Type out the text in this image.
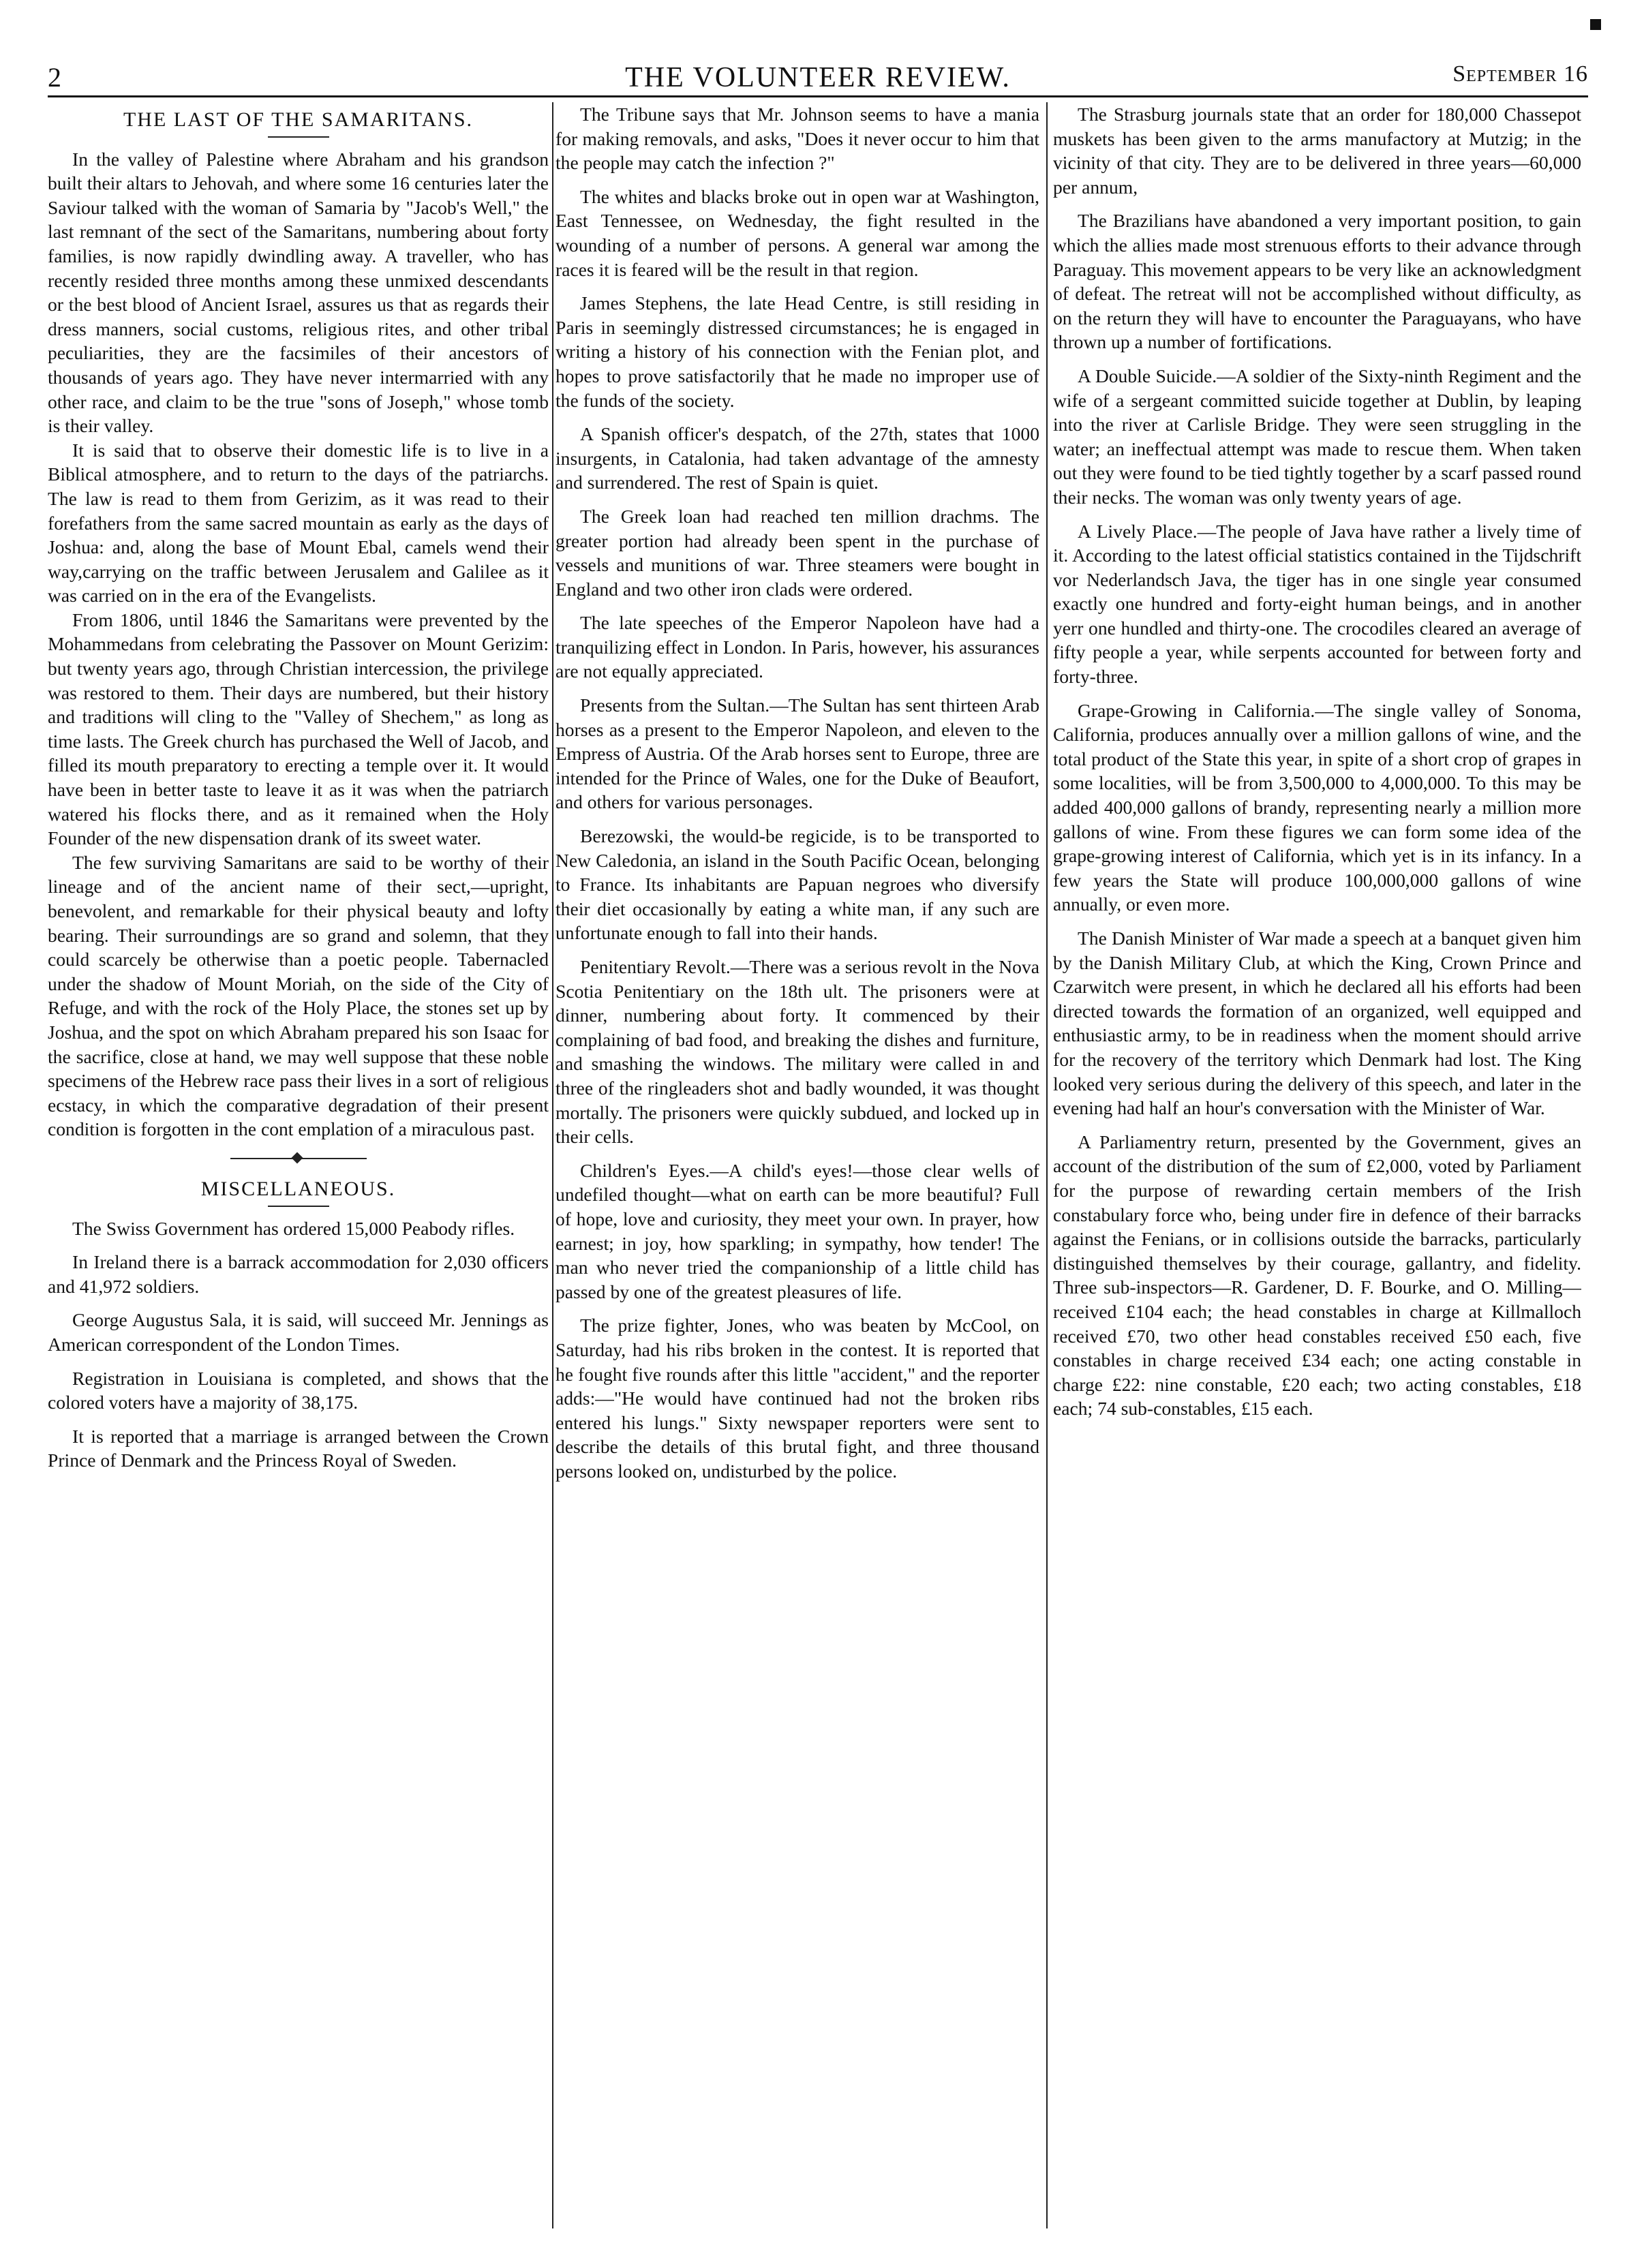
2	THE VOLUNTEER REVIEW.	September 16
THE LAST OF THE SAMARITANS.

In the valley of Palestine where Abraham and his grandson built their altars to Jehovah, and where some 16 centuries later the Saviour talked with the woman of Samaria by "Jacob's Well," the last remnant of the sect of the Samaritans, numbering about forty families, is now rapidly dwindling away. A traveller, who has recently resided three months among these unmixed descendants or the best blood of Ancient Israel, assures us that as regards their dress manners, social customs, religious rites, and other tribal peculiarities, they are the facsimiles of their ancestors of thousands of years ago. They have never intermarried with any other race, and claim to be the true "sons of Joseph," whose tomb is their valley.

It is said that to observe their domestic life is to live in a Biblical atmosphere, and to return to the days of the patriarchs. The law is read to them from Gerizim, as it was read to their forefathers from the same sacred mountain as early as the days of Joshua: and, along the base of Mount Ebal, camels wend their way,carrying on the traffic between Jerusalem and Galilee as it was carried on in the era of the Evangelists.

From 1806, until 1846 the Samaritans were prevented by the Mohammedans from celebrating the Passover on Mount Gerizim: but twenty years ago, through Christian intercession, the privilege was restored to them. Their days are numbered, but their history and traditions will cling to the "Valley of Shechem," as long as time lasts. The Greek church has purchased the Well of Jacob, and filled its mouth preparatory to erecting a temple over it. It would have been in better taste to leave it as it was when the patriarch watered his flocks there, and as it remained when the Holy Founder of the new dispensation drank of its sweet water.

The few surviving Samaritans are said to be worthy of their lineage and of the ancient name of their sect,—upright, benevolent, and remarkable for their physical beauty and lofty bearing. Their surroundings are so grand and solemn, that they could scarcely be otherwise than a poetic people. Tabernacled under the shadow of Mount Moriah, on the side of the City of Refuge, and with the rock of the Holy Place, the stones set up by Joshua, and the spot on which Abraham prepared his son Isaac for the sacrifice, close at hand, we may well suppose that these noble specimens of the Hebrew race pass their lives in a sort of religious ecstacy, in which the comparative degradation of their present condition is forgotten in the cont emplation of a miraculous past.

MISCELLANEOUS.

The Swiss Government has ordered 15,000 Peabody rifles.

In Ireland there is a barrack accommodation for 2,030 officers and 41,972 soldiers.

George Augustus Sala, it is said, will succeed Mr. Jennings as American correspondent of the London Times.

Registration in Louisiana is completed, and shows that the colored voters have a majority of 38,175.

It is reported that a marriage is arranged between the Crown Prince of Denmark and the Princess Royal of Sweden.

The Tribune says that Mr. Johnson seems to have a mania for making removals, and asks, "Does it never occur to him that the people may catch the infection ?"

The whites and blacks broke out in open war at Washington, East Tennessee, on Wednesday, the fight resulted in the wounding of a number of persons. A general war among the races it is feared will be the result in that region.

James Stephens, the late Head Centre, is still residing in Paris in seemingly distressed circumstances; he is engaged in writing a history of his connection with the Fenian plot, and hopes to prove satisfactorily that he made no improper use of the funds of the society.

A Spanish officer's despatch, of the 27th, states that 1000 insurgents, in Catalonia, had taken advantage of the amnesty and surrendered. The rest of Spain is quiet.

The Greek loan had reached ten million drachms. The greater portion had already been spent in the purchase of vessels and munitions of war. Three steamers were bought in England and two other iron clads were ordered.

The late speeches of the Emperor Napoleon have had a tranquilizing effect in London. In Paris, however, his assurances are not equally appreciated.

Presents from the Sultan.—The Sultan has sent thirteen Arab horses as a present to the Emperor Napoleon, and eleven to the Empress of Austria. Of the Arab horses sent to Europe, three are intended for the Prince of Wales, one for the Duke of Beaufort, and others for various personages.

Berezowski, the would-be regicide, is to be transported to New Caledonia, an island in the South Pacific Ocean, belonging to France. Its inhabitants are Papuan negroes who diversify their diet occasionally by eating a white man, if any such are unfortunate enough to fall into their hands.

Penitentiary Revolt.—There was a serious revolt in the Nova Scotia Penitentiary on the 18th ult. The prisoners were at dinner, numbering about forty. It commenced by their complaining of bad food, and breaking the dishes and furniture, and smashing the windows. The military were called in and three of the ringleaders shot and badly wounded, it was thought mortally. The prisoners were quickly subdued, and locked up in their cells.

Children's Eyes.—A child's eyes!—those clear wells of undefiled thought—what on earth can be more beautiful? Full of hope, love and curiosity, they meet your own. In prayer, how earnest; in joy, how sparkling; in sympathy, how tender! The man who never tried the companionship of a little child has passed by one of the greatest pleasures of life.

The prize fighter, Jones, who was beaten by McCool, on Saturday, had his ribs broken in the contest. It is reported that he fought five rounds after this little "accident," and the reporter adds:—"He would have continued had not the broken ribs entered his lungs." Sixty newspaper reporters were sent to describe the details of this brutal fight, and three thousand persons looked on, undisturbed by the police.

The Strasburg journals state that an order for 180,000 Chassepot muskets has been given to the arms manufactory at Mutzig; in the vicinity of that city. They are to be delivered in three years—60,000 per annum,

The Brazilians have abandoned a very important position, to gain which the allies made most strenuous efforts to their advance through Paraguay. This movement appears to be very like an acknowledgment of defeat. The retreat will not be accomplished without difficulty, as on the return they will have to encounter the Paraguayans, who have thrown up a number of fortifications.

A Double Suicide.—A soldier of the Sixty-ninth Regiment and the wife of a sergeant committed suicide together at Dublin, by leaping into the river at Carlisle Bridge. They were seen struggling in the water; an ineffectual attempt was made to rescue them. When taken out they were found to be tied tightly together by a scarf passed round their necks. The woman was only twenty years of age.

A Lively Place.—The people of Java have rather a lively time of it. According to the latest official statistics contained in the Tijdschrift vor Nederlandsch Java, the tiger has in one single year consumed exactly one hundred and forty-eight human beings, and in another yerr one hundled and thirty-one. The crocodiles cleared an average of fifty people a year, while serpents accounted for between forty and forty-three.

Grape-Growing in California.—The single valley of Sonoma, California, produces annually over a million gallons of wine, and the total product of the State this year, in spite of a short crop of grapes in some localities, will be from 3,500,000 to 4,000,000. To this may be added 400,000 gallons of brandy, representing nearly a million more gallons of wine. From these figures we can form some idea of the grape-growing interest of California, which yet is in its infancy. In a few years the State will produce 100,000,000 gallons of wine annually, or even more.

The Danish Minister of War made a speech at a banquet given him by the Danish Military Club, at which the King, Crown Prince and Czarwitch were present, in which he declared all his efforts had been directed towards the formation of an organized, well equipped and enthusiastic army, to be in readiness when the moment should arrive for the recovery of the territory which Denmark had lost. The King looked very serious during the delivery of this speech, and later in the evening had half an hour's conversation with the Minister of War.

A Parliamentry return, presented by the Government, gives an account of the distribution of the sum of £2,000, voted by Parliament for the purpose of rewarding certain members of the Irish constabulary force who, being under fire in defence of their barracks against the Fenians, or in collisions outside the barracks, particularly distinguished themselves by their courage, gallantry, and fidelity. Three sub-inspectors—R. Gardener, D. F. Bourke, and O. Milling— received £104 each; the head constables in charge at Killmalloch received £70, two other head constables received £50 each, five constables in charge received £34 each; one acting constable in charge £22: nine constable, £20 each; two acting constables, £18 each; 74 sub-constables, £15 each.
